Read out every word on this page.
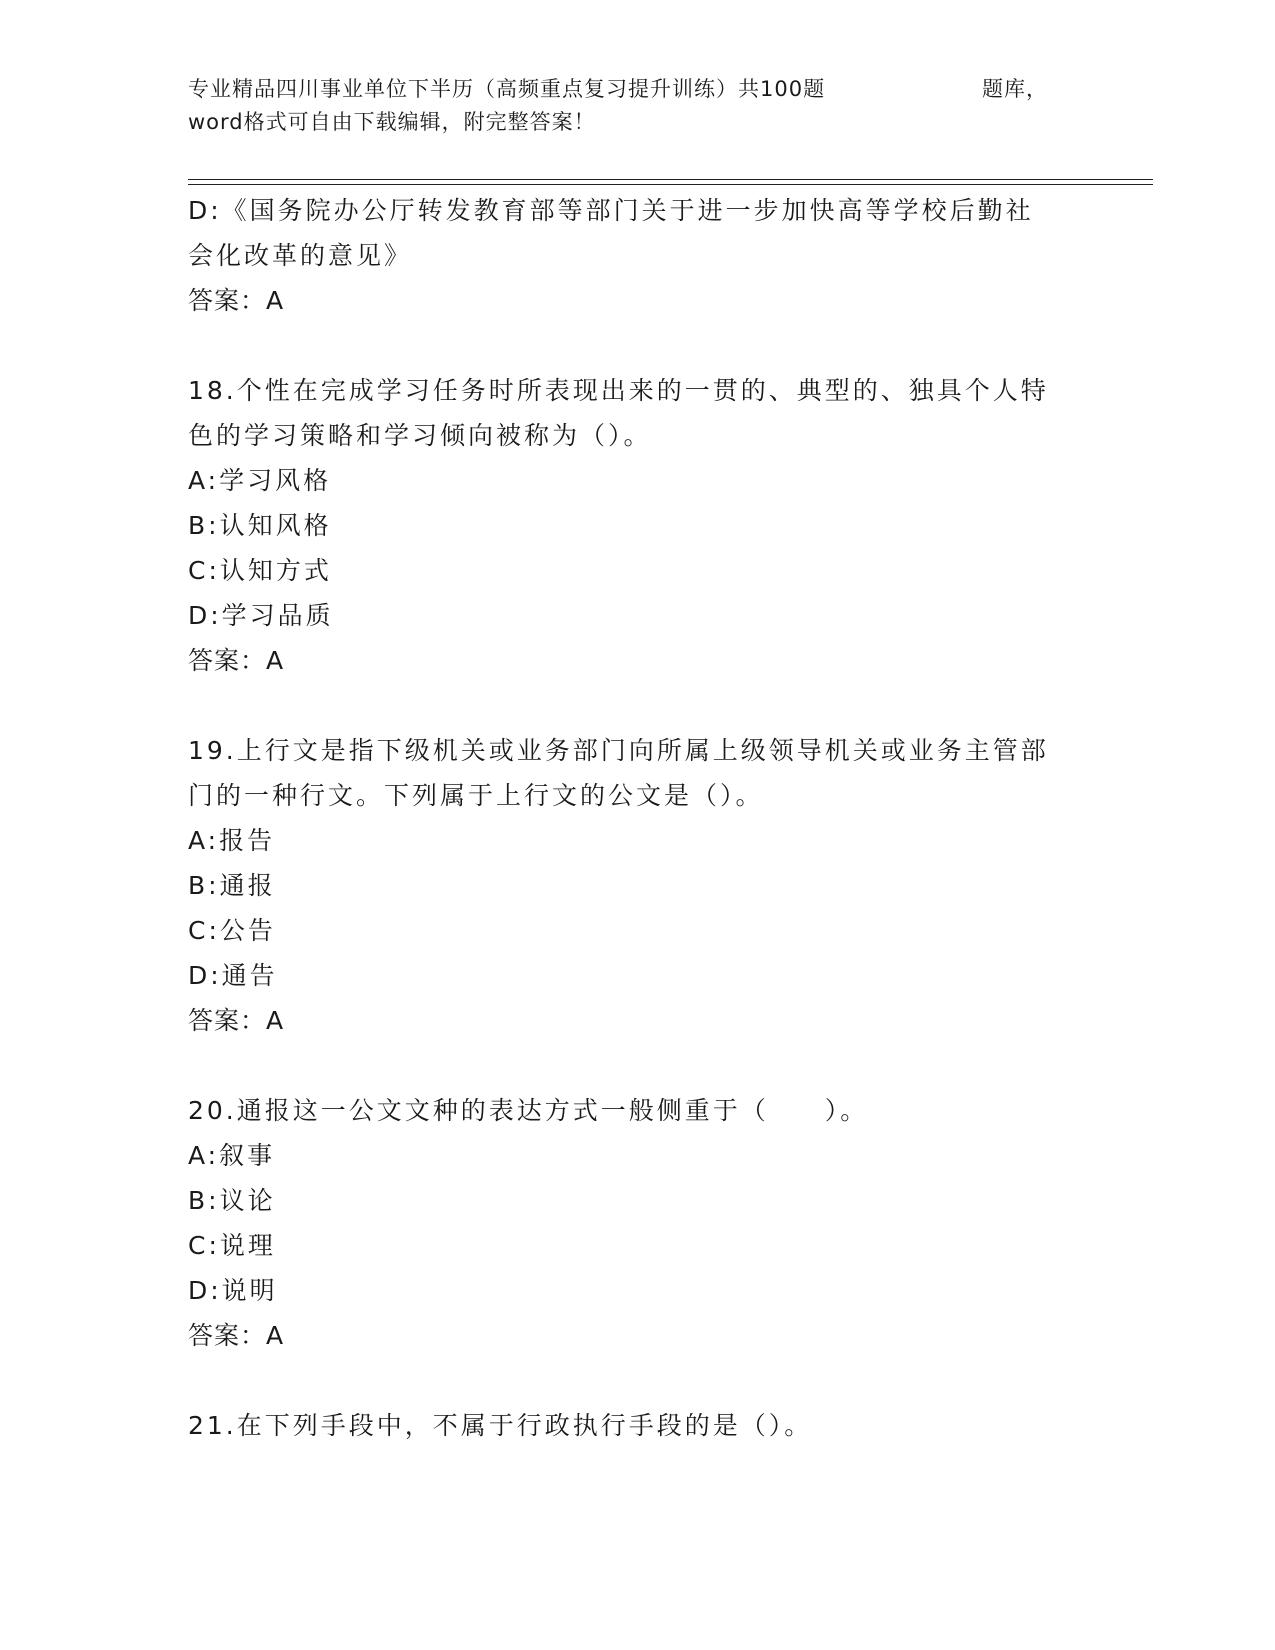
专业精品四川事业单位下半历（高频重点复习提升训练）共100题	题库，
word格式可自由下载编辑，附完整答案！
D:《国务院办公厅转发教育部等部门关于进一步加快高等学校后勤社
会化改革的意见》
答案：A
18.个性在完成学习任务时所表现出来的一贯的、典型的、独具个人特
色的学习策略和学习倾向被称为（）。
A:学习风格
B:认知风格
C:认知方式
D:学习品质
答案：A
19.上行文是指下级机关或业务部门向所属上级领导机关或业务主管部
门的一种行文。下列属于上行文的公文是（）。
A:报告
B:通报
C:公告
D:通告
答案：A
20.通报这一公文文种的表达方式一般侧重于（　　）。
A:叙事
B:议论
C:说理
D:说明
答案：A
21.在下列手段中，不属于行政执行手段的是（）。
